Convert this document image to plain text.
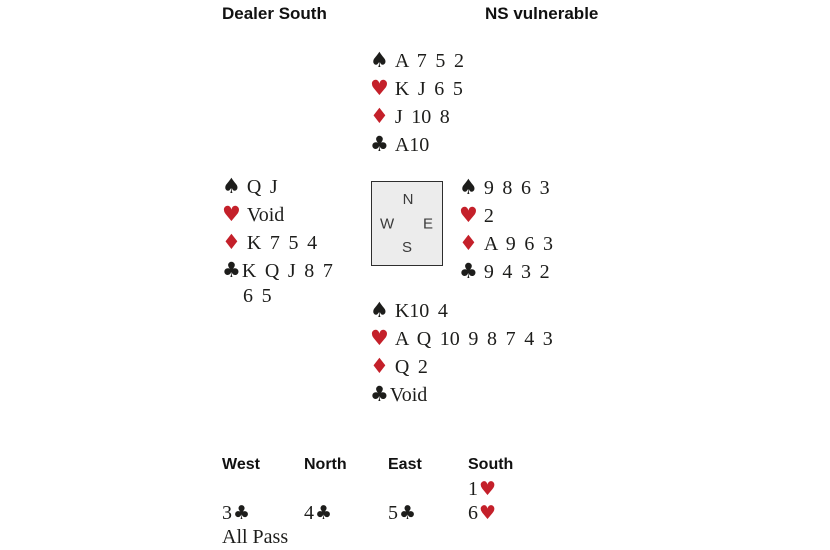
Dealer South	NS vulnerable
♠ A 7 5 2
♥ K J 6 5
♦ J 10 8
♣ A10
♠ Q J
♥ Void
♦ K 7 5 4
♣K Q J 8 7
6 5
N
W E
S
♠ 9 8 6 3
♥ 2
♦ A 9 6 3
♣ 9 4 3 2
♠ K10 4
♥ A Q 10 9 8 7 4 3
♦ Q 2
♣Void
West
3♣
All Pass
North
4♣
East
5♣
South
1♥
6♥
